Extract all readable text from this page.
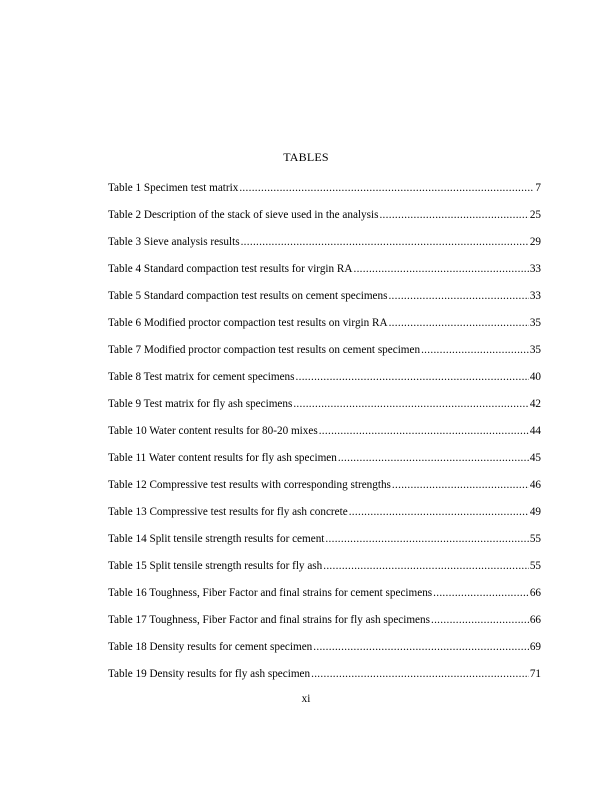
TABLES
Table 1 Specimen test matrix .....	7
Table 2 Description of the stack of sieve used in the analysis .....	25
Table 3 Sieve analysis results .....	29
Table 4 Standard compaction test results for virgin RA .....	33
Table 5 Standard compaction test results on cement specimens .....	33
Table 6 Modified proctor compaction test results on virgin RA .....	35
Table 7 Modified proctor compaction test results on cement specimen .....	35
Table 8 Test matrix for cement specimens .....	40
Table 9 Test matrix for fly ash specimens .....	42
Table 10 Water content results for 80-20 mixes .....	44
Table 11 Water content results for fly ash specimen .....	45
Table 12 Compressive test results with corresponding strengths .....	46
Table 13 Compressive test results for fly ash concrete .....	49
Table 14 Split tensile strength results for cement .....	55
Table 15 Split tensile strength results for fly ash .....	55
Table 16 Toughness, Fiber Factor and final strains for cement specimens .....	66
Table 17 Toughness, Fiber Factor and final strains for fly ash specimens .....	66
Table 18 Density results for cement specimen .....	69
Table 19 Density results for fly ash specimen .....	71
xi
